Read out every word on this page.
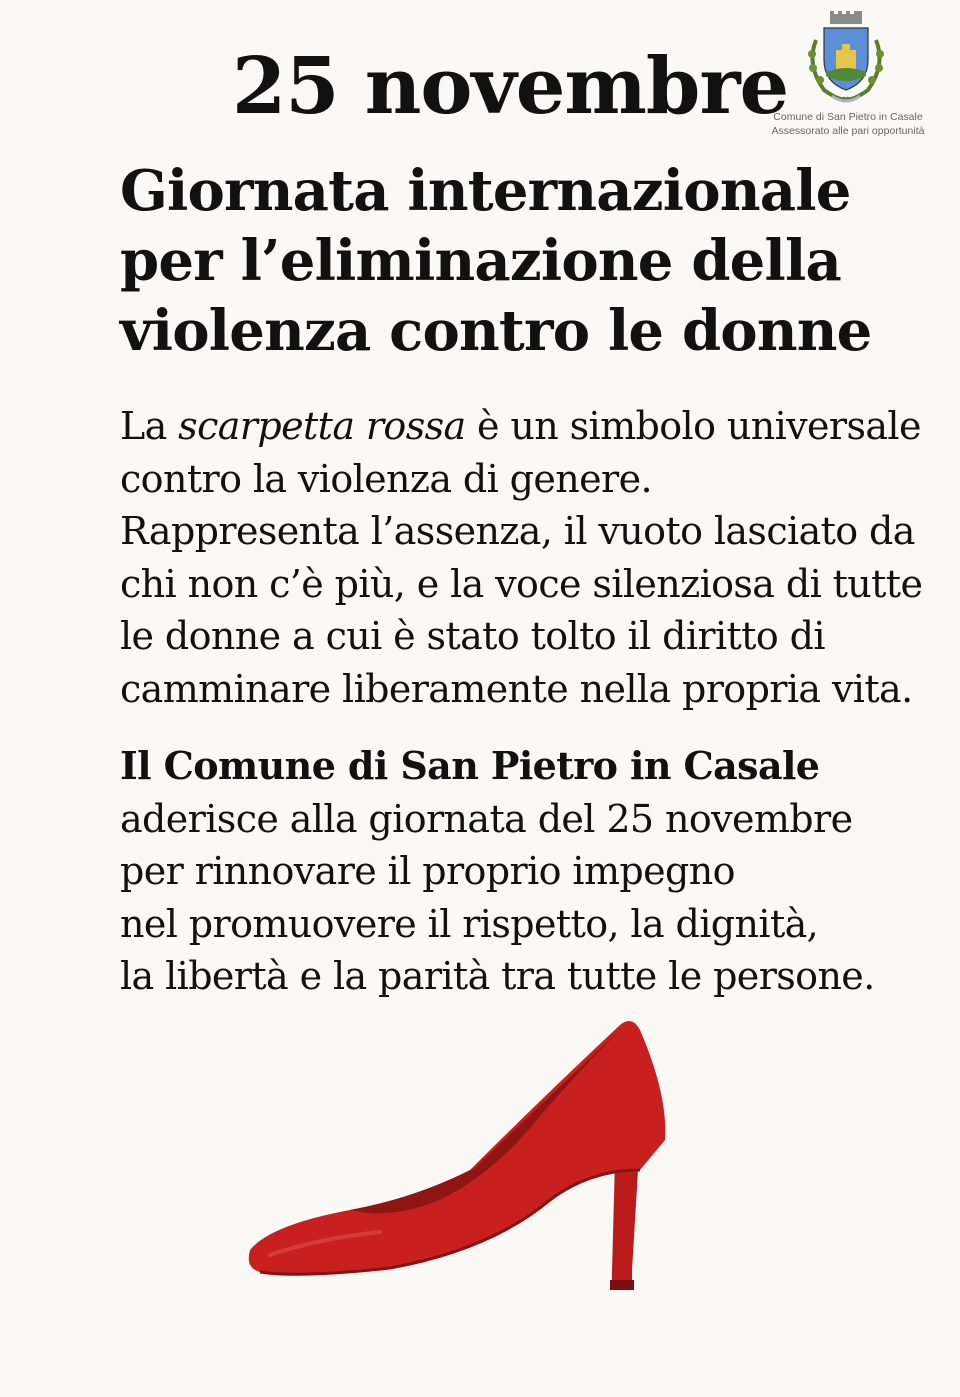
25 novembre
Comune di San Pietro in Casale
Assessorato alle pari opportunità
Giornata internazionale
per l’eliminazione della
violenza contro le donne

La scarpetta rossa è un simbolo universale
contro la violenza di genere.
Rappresenta l’assenza, il vuoto lasciato da
chi non c’è più, e la voce silenziosa di tutte
le donne a cui è stato tolto il diritto di
camminare liberamente nella propria vita.

Il Comune di San Pietro in Casale
aderisce alla giornata del 25 novembre
per rinnovare il proprio impegno
nel promuovere il rispetto, la dignità,
la libertà e la parità tra tutte le persone.
